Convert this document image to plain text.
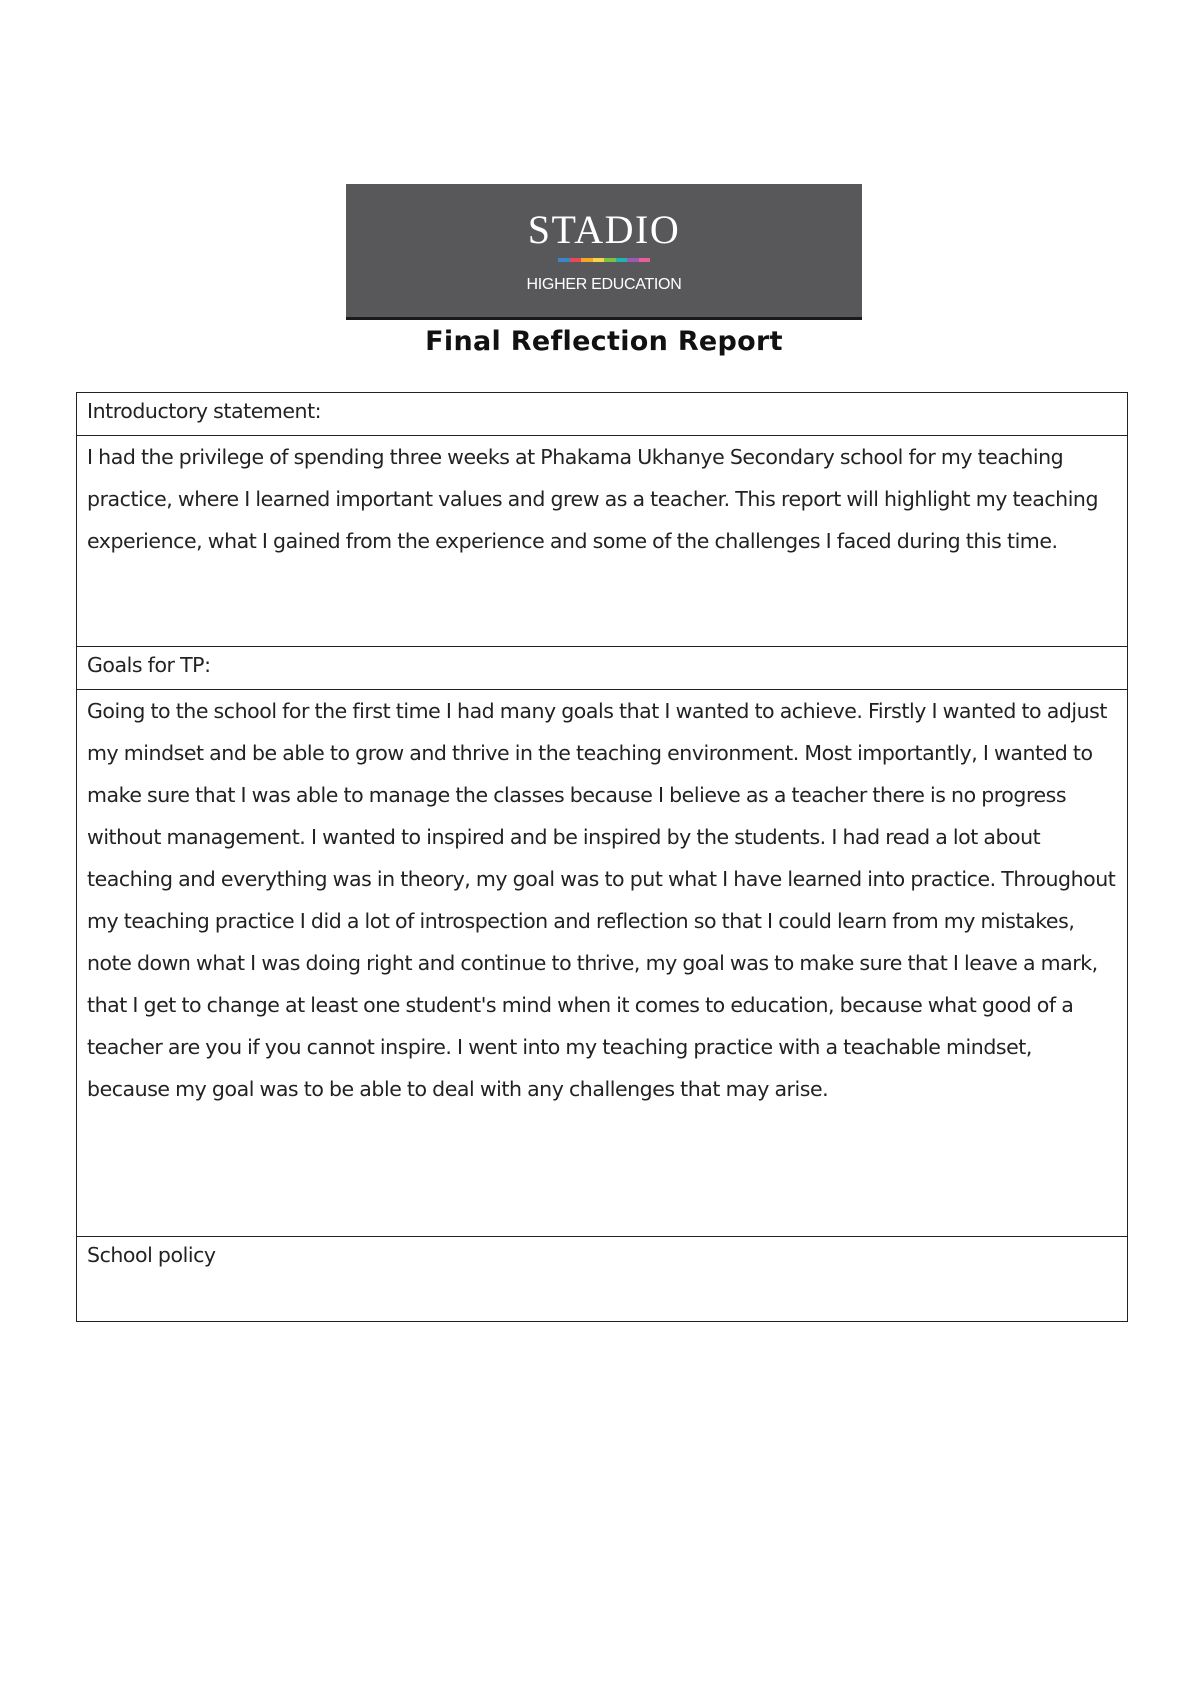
STADIO
HIGHER EDUCATION
Final Reflection Report
Introductory statement:
I had the privilege of spending three weeks at Phakama Ukhanye Secondary school for my teaching practice, where I learned important values and grew as a teacher. This report will highlight my teaching experience, what I gained from the experience and some of the challenges I faced during this time.
Goals for TP:
Going to the school for the first time I had many goals that I wanted to achieve. Firstly I wanted to adjust my mindset and be able to grow and thrive in the teaching environment. Most importantly, I wanted to make sure that I was able to manage the classes because I believe as a teacher there is no progress without management. I wanted to inspired and be inspired by the students. I had read a lot about teaching and everything was in theory, my goal was to put what I have learned into practice. Throughout my teaching practice I did a lot of introspection and reflection so that I could learn from my mistakes, note down what I was doing right and continue to thrive, my goal was to make sure that I leave a mark, that I get to change at least one student's mind when it comes to education, because what good of a teacher are you if you cannot inspire. I went into my teaching practice with a teachable mindset, because my goal was to be able to deal with any challenges that may arise.
School policy
